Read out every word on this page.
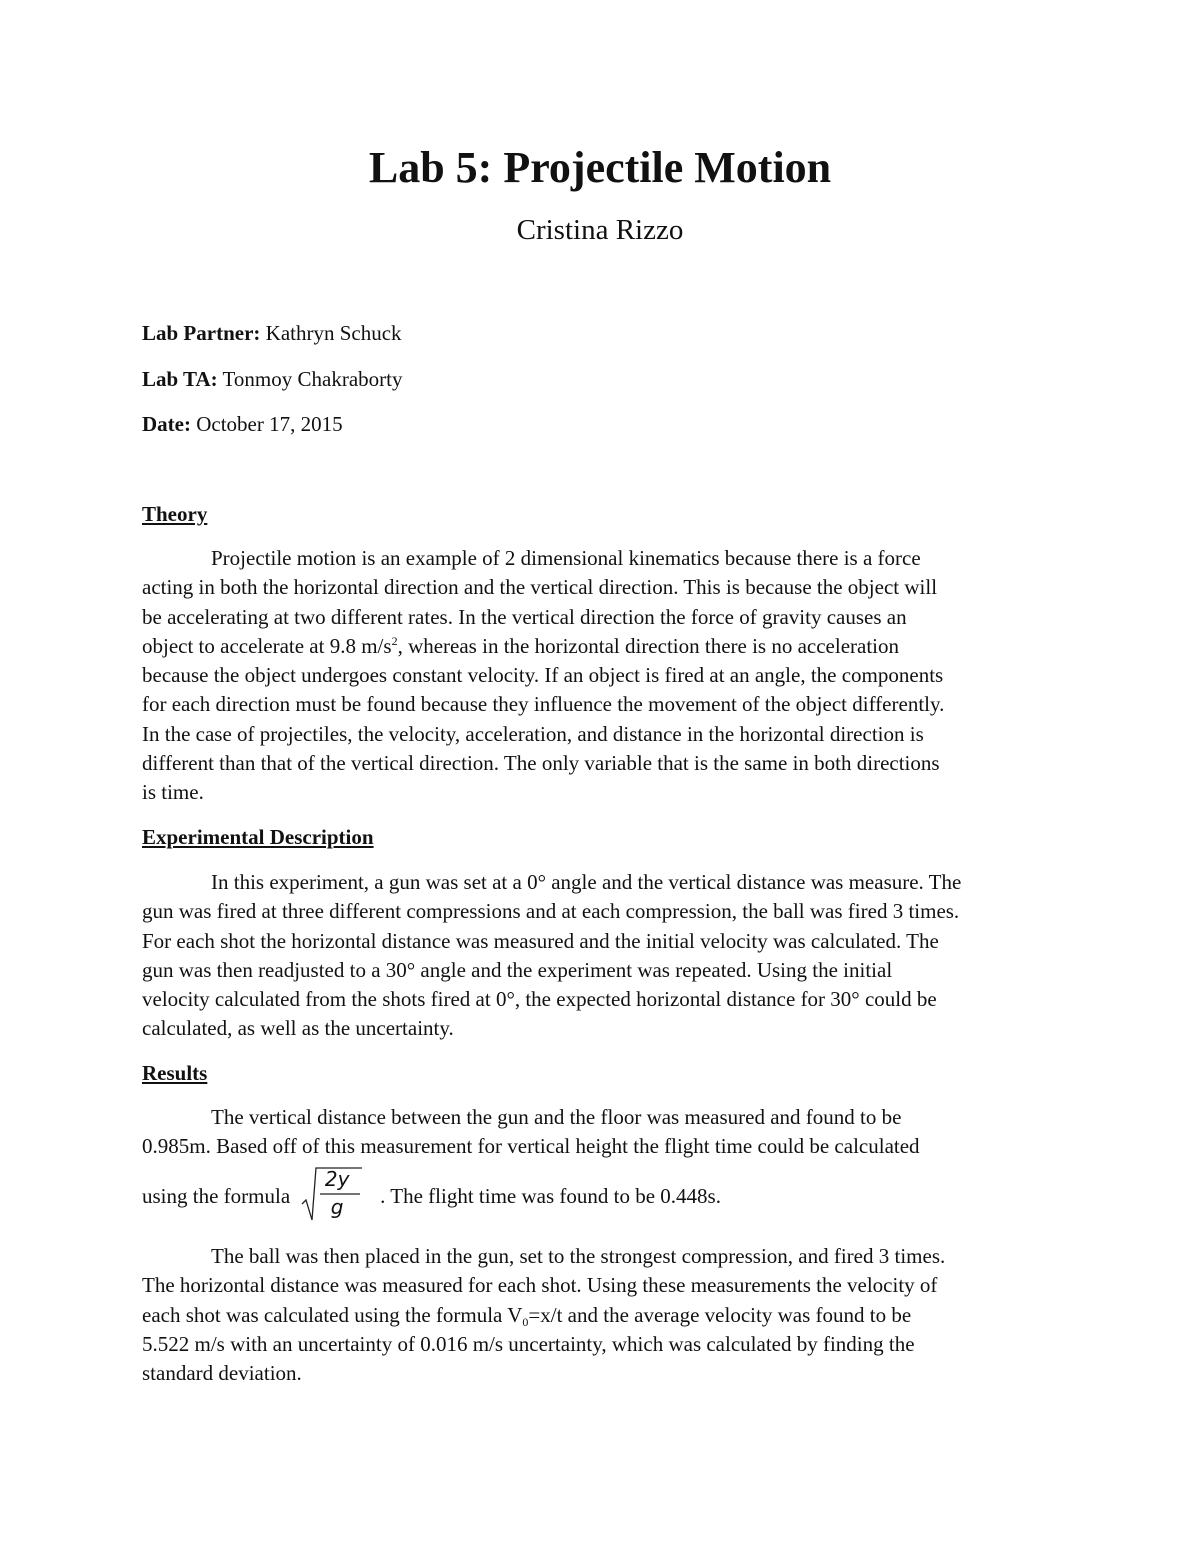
Lab 5: Projectile Motion

Cristina Rizzo

Lab Partner: Kathryn Schuck

Lab TA: Tonmoy Chakraborty

Date: October 17, 2015

Theory
Projectile motion is an example of 2 dimensional kinematics because there is a force
acting in both the horizontal direction and the vertical direction. This is because the object will
be accelerating at two different rates. In the vertical direction the force of gravity causes an
object to accelerate at 9.8 $m/s^2$, whereas in the horizontal direction there is no acceleration
because the object undergoes constant velocity. If an object is fired at an angle, the components
for each direction must be found because they influence the movement of the object differently.
In the case of projectiles, the velocity, acceleration, and distance in the horizontal direction is
different than that of the vertical direction. The only variable that is the same in both directions
is time.
Experimental Description
In this experiment, a gun was set at a 0° angle and the vertical distance was measure. The
gun was fired at three different compressions and at each compression, the ball was fired 3 times.
For each shot the horizontal distance was measured and the initial velocity was calculated. The
gun was then readjusted to a 30° angle and the experiment was repeated. Using the initial
velocity calculated from the shots fired at 0°, the expected horizontal distance for 30° could be
calculated, as well as the uncertainty.
Results
The vertical distance between the gun and the floor was measured and found to be
0.985m. Based off of this measurement for vertical height the flight time could be calculated
using the formula
2y
g	. The flight time was found to be 0.448s.
The ball was then placed in the gun, set to the strongest compression, and fired 3 times.
The horizontal distance was measured for each shot. Using these measurements the velocity of
each shot was calculated using the formula $V_0=x/t$ and the average velocity was found to be
5.522 m/s with an uncertainty of 0.016 m/s uncertainty, which was calculated by finding the
standard deviation.
